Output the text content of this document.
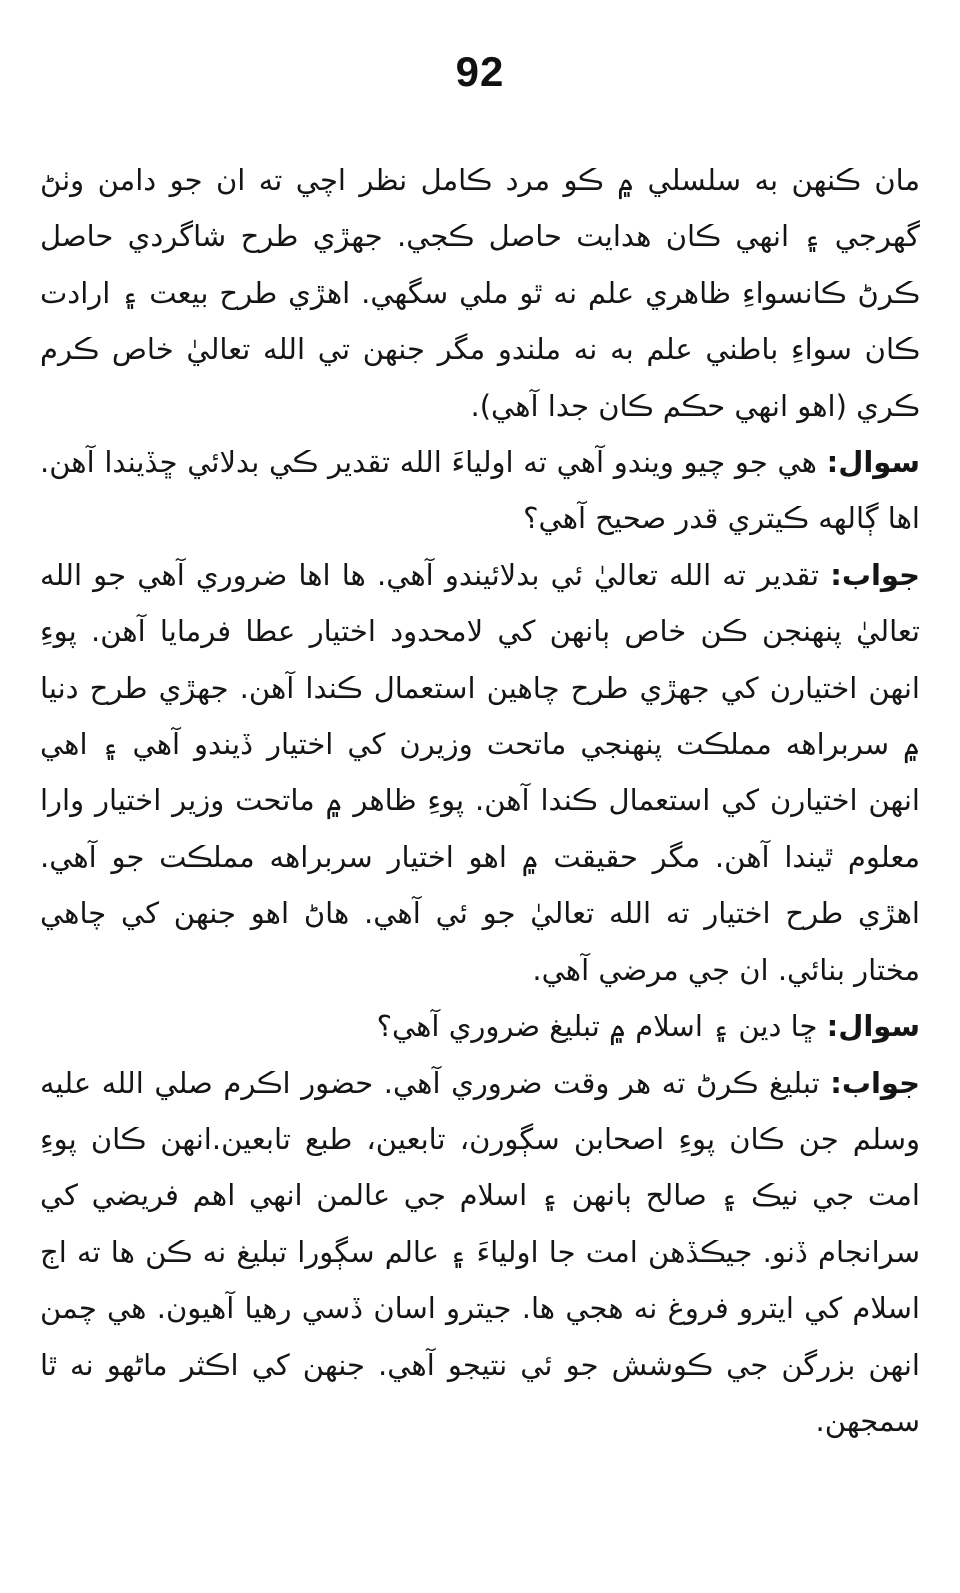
92

مان ڪنهن به سلسلي ۾ ڪو مرد ڪامل نظر اچي ته ان جو دامن وٺڻ گهرجي ۽ انهي ڪان هدايت حاصل ڪجي. جهڙي طرح شاگردي حاصل ڪرڻ ڪانسواءِ ظاهري علم نه ٿو ملي سگهي. اهڙي طرح بيعت ۽ ارادت ڪان سواءِ باطني علم به نه ملندو مگر جنهن تي الله تعاليٰ خاص ڪرم ڪري (اهو انهي حڪم ڪان جدا آهي).

سوال: هي جو چيو ويندو آهي ته اولياءَ الله تقدير ڪي بدلائي ڇڏيندا آهن. اها ڳالهه ڪيتري قدر صحيح آهي؟

جواب: تقدير ته الله تعاليٰ ئي بدلائيندو آهي. ها اها ضروري آهي جو الله تعاليٰ پنهنجن ڪن خاص ٻانهن کي لامحدود اختيار عطا فرمايا آهن. پوءِ انهن اختيارن کي جهڙي طرح چاهين استعمال ڪندا آهن. جهڙي طرح دنيا ۾ سربراهه مملڪت پنهنجي ماتحت وزيرن کي اختيار ڏيندو آهي ۽ اهي انهن اختيارن کي استعمال ڪندا آهن. پوءِ ظاهر ۾ ماتحت وزير اختيار وارا معلوم ٿيندا آهن. مگر حقيقت ۾ اهو اختيار سربراهه مملڪت جو آهي. اهڙي طرح اختيار ته الله تعاليٰ جو ئي آهي. هاڻ اهو جنهن کي چاهي مختار بنائي. ان جي مرضي آهي.

سوال: ڇا دين ۽ اسلام ۾ تبليغ ضروري آهي؟

جواب: تبليغ ڪرڻ ته هر وقت ضروري آهي. حضور اڪرم صلي الله عليه وسلم جن ڪان پوءِ اصحابن سڳورن، تابعين، طبع تابعين.انهن ڪان پوءِ امت جي نيڪ ۽ صالح ٻانهن ۽ اسلام جي عالمن انهي اهم فريضي کي سرانجام ڏنو. جيڪڏهن امت جا اولياءَ ۽ عالم سڳورا تبليغ نه ڪن ها ته اڄ اسلام کي ايترو فروغ نه هجي ها. جيترو اسان ڏسي رهيا آهيون. هي چمن انهن بزرگن جي ڪوشش جو ئي نتيجو آهي. جنهن کي اڪثر ماڻهو نه ٿا سمجهن.
